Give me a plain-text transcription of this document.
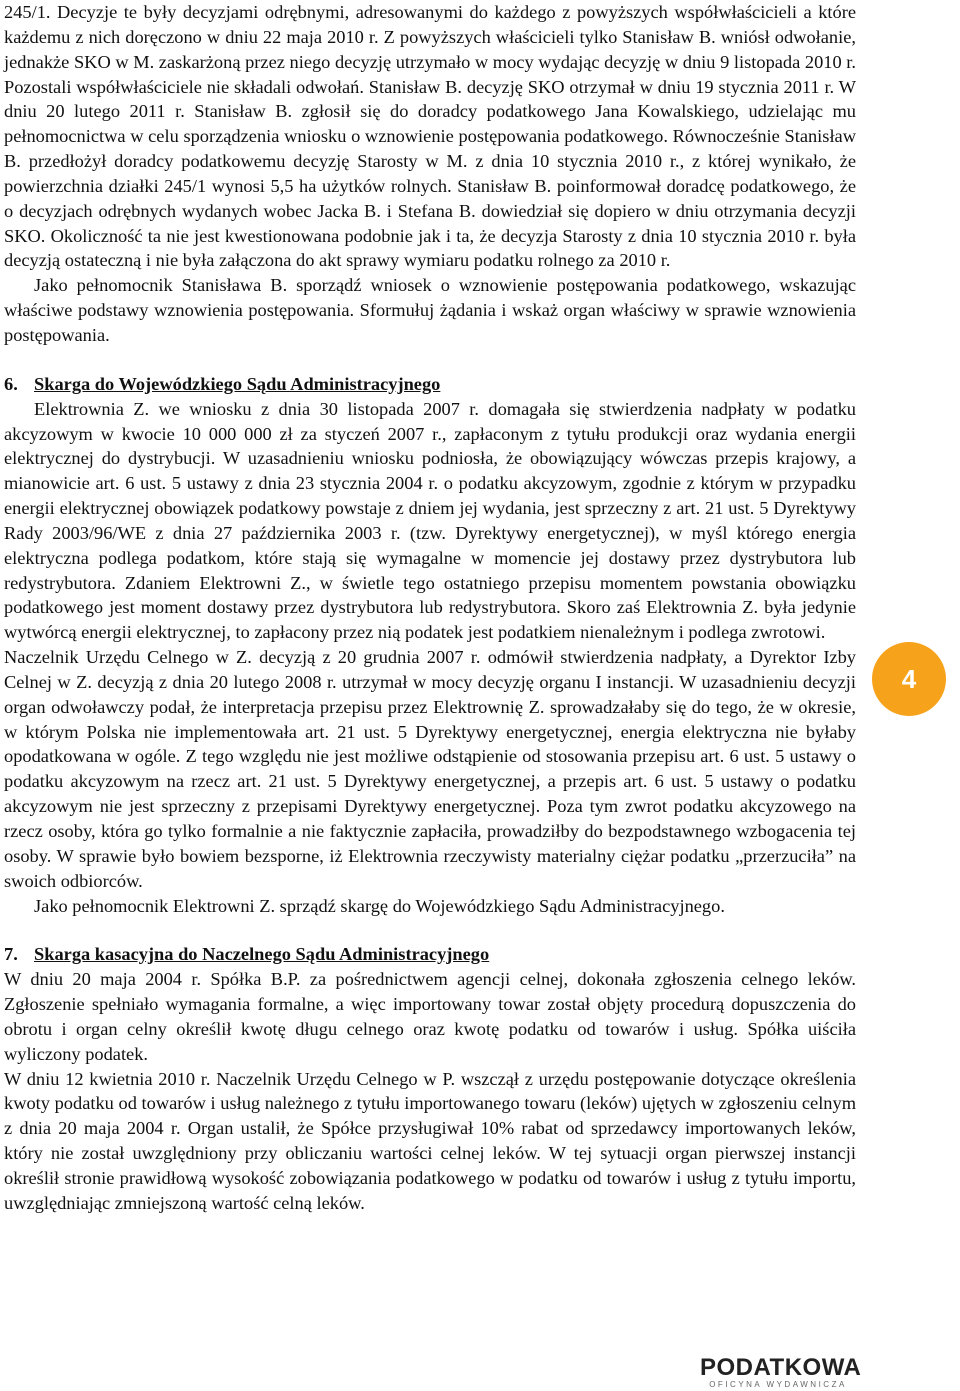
245/1. Decyzje te były decyzjami odrębnymi, adresowanymi do każdego z powyższych współwłaścicieli a które każdemu z nich doręczono w dniu 22 maja 2010 r. Z powyższych właścicieli tylko Stanisław B. wniósł odwołanie, jednakże SKO w M. zaskarżoną przez niego decyzję utrzymało w mocy wydając decyzję w dniu 9 listopada 2010 r. Pozostali współwłaściciele nie składali odwołań. Stanisław B. decyzję SKO otrzymał w dniu 19 stycznia 2011 r. W dniu 20 lutego 2011 r. Stanisław B. zgłosił się do doradcy podatkowego Jana Kowalskiego, udzielając mu pełnomocnictwa w celu sporządzenia wniosku o wznowienie postępowania podatkowego. Równocześnie Stanisław B. przedłożył doradcy podatkowemu decyzję Starosty w M. z dnia 10 stycznia 2010 r., z której wynikało, że powierzchnia działki 245/1 wynosi 5,5 ha użytków rolnych. Stanisław B. poinformował doradcę podatkowego, że o decyzjach odrębnych wydanych wobec Jacka B. i Stefana B. dowiedział się dopiero w dniu otrzymania decyzji SKO. Okoliczność ta nie jest kwestionowana podobnie jak i ta, że decyzja Starosty z dnia 10 stycznia 2010 r. była decyzją ostateczną i nie była załączona do akt sprawy wymiaru podatku rolnego za 2010 r.

Jako pełnomocnik Stanisława B. sporządź wniosek o wznowienie postępowania podatkowego, wskazując właściwe podstawy wznowienia postępowania. Sformułuj żądania i wskaż organ właściwy w sprawie wznowienia postępowania.

6. Skarga do Wojewódzkiego Sądu Administracyjnego

Elektrownia Z. we wniosku z dnia 30 listopada 2007 r. domagała się stwierdzenia nadpłaty w podatku akcyzowym w kwocie 10 000 000 zł za styczeń 2007 r., zapłaconym z tytułu produkcji oraz wydania energii elektrycznej do dystrybucji. W uzasadnieniu wniosku podniosła, że obowiązujący wówczas przepis krajowy, a mianowicie art. 6 ust. 5 ustawy z dnia 23 stycznia 2004 r. o podatku akcyzowym, zgodnie z którym w przypadku energii elektrycznej obowiązek podatkowy powstaje z dniem jej wydania, jest sprzeczny z art. 21 ust. 5 Dyrektywy Rady 2003/96/WE z dnia 27 października 2003 r. (tzw. Dyrektywy energetycznej), w myśl którego energia elektryczna podlega podatkom, które stają się wymagalne w momencie jej dostawy przez dystrybutora lub redystrybutora. Zdaniem Elektrowni Z., w świetle tego ostatniego przepisu momentem powstania obowiązku podatkowego jest moment dostawy przez dystrybutora lub redystrybutora. Skoro zaś Elektrownia Z. była jedynie wytwórcą energii elektrycznej, to zapłacony przez nią podatek jest podatkiem nienależnym i podlega zwrotowi.

Naczelnik Urzędu Celnego w Z. decyzją z 20 grudnia 2007 r. odmówił stwierdzenia nadpłaty, a Dyrektor Izby Celnej w Z. decyzją z dnia 20 lutego 2008 r. utrzymał w mocy decyzję organu I instancji. W uzasadnieniu decyzji organ odwoławczy podał, że interpretacja przepisu przez Elektrownię Z. sprowadzałaby się do tego, że w okresie, w którym Polska nie implementowała art. 21 ust. 5 Dyrektywy energetycznej, energia elektryczna nie byłaby opodatkowana w ogóle. Z tego względu nie jest możliwe odstąpienie od stosowania przepisu art. 6 ust. 5 ustawy o podatku akcyzowym na rzecz art. 21 ust. 5 Dyrektywy energetycznej, a przepis art. 6 ust. 5 ustawy o podatku akcyzowym nie jest sprzeczny z przepisami Dyrektywy energetycznej. Poza tym zwrot podatku akcyzowego na rzecz osoby, która go tylko formalnie a nie faktycznie zapłaciła, prowadziłby do bezpodstawnego wzbogacenia tej osoby. W sprawie było bowiem bezsporne, iż Elektrownia rzeczywisty materialny ciężar podatku „przerzuciła” na swoich odbiorców.

Jako pełnomocnik Elektrowni Z. sprządź skargę do Wojewódzkiego Sądu Administracyjnego.

7. Skarga kasacyjna do Naczelnego Sądu Administracyjnego

W dniu 20 maja 2004 r. Spółka B.P. za pośrednictwem agencji celnej, dokonała zgłoszenia celnego leków. Zgłoszenie spełniało wymagania formalne, a więc importowany towar został objęty procedurą dopuszczenia do obrotu i organ celny określił kwotę długu celnego oraz kwotę podatku od towarów i usług. Spółka uiściła wyliczony podatek.

W dniu 12 kwietnia 2010 r. Naczelnik Urzędu Celnego w P. wszczął z urzędu postępowanie dotyczące określenia kwoty podatku od towarów i usług należnego z tytułu importowanego towaru (leków) ujętych w zgłoszeniu celnym z dnia 20 maja 2004 r. Organ ustalił, że Spółce przysługiwał 10% rabat od sprzedawcy importowanych leków, który nie został uwzględniony przy obliczaniu wartości celnej leków. W tej sytuacji organ pierwszej instancji określił stronie prawidłową wysokość zobowiązania podatkowego w podatku od towarów i usług z tytułu importu, uwzględniając zmniejszoną wartość celną leków.

4
PODATKOWA
OFICYNA WYDAWNICZA
